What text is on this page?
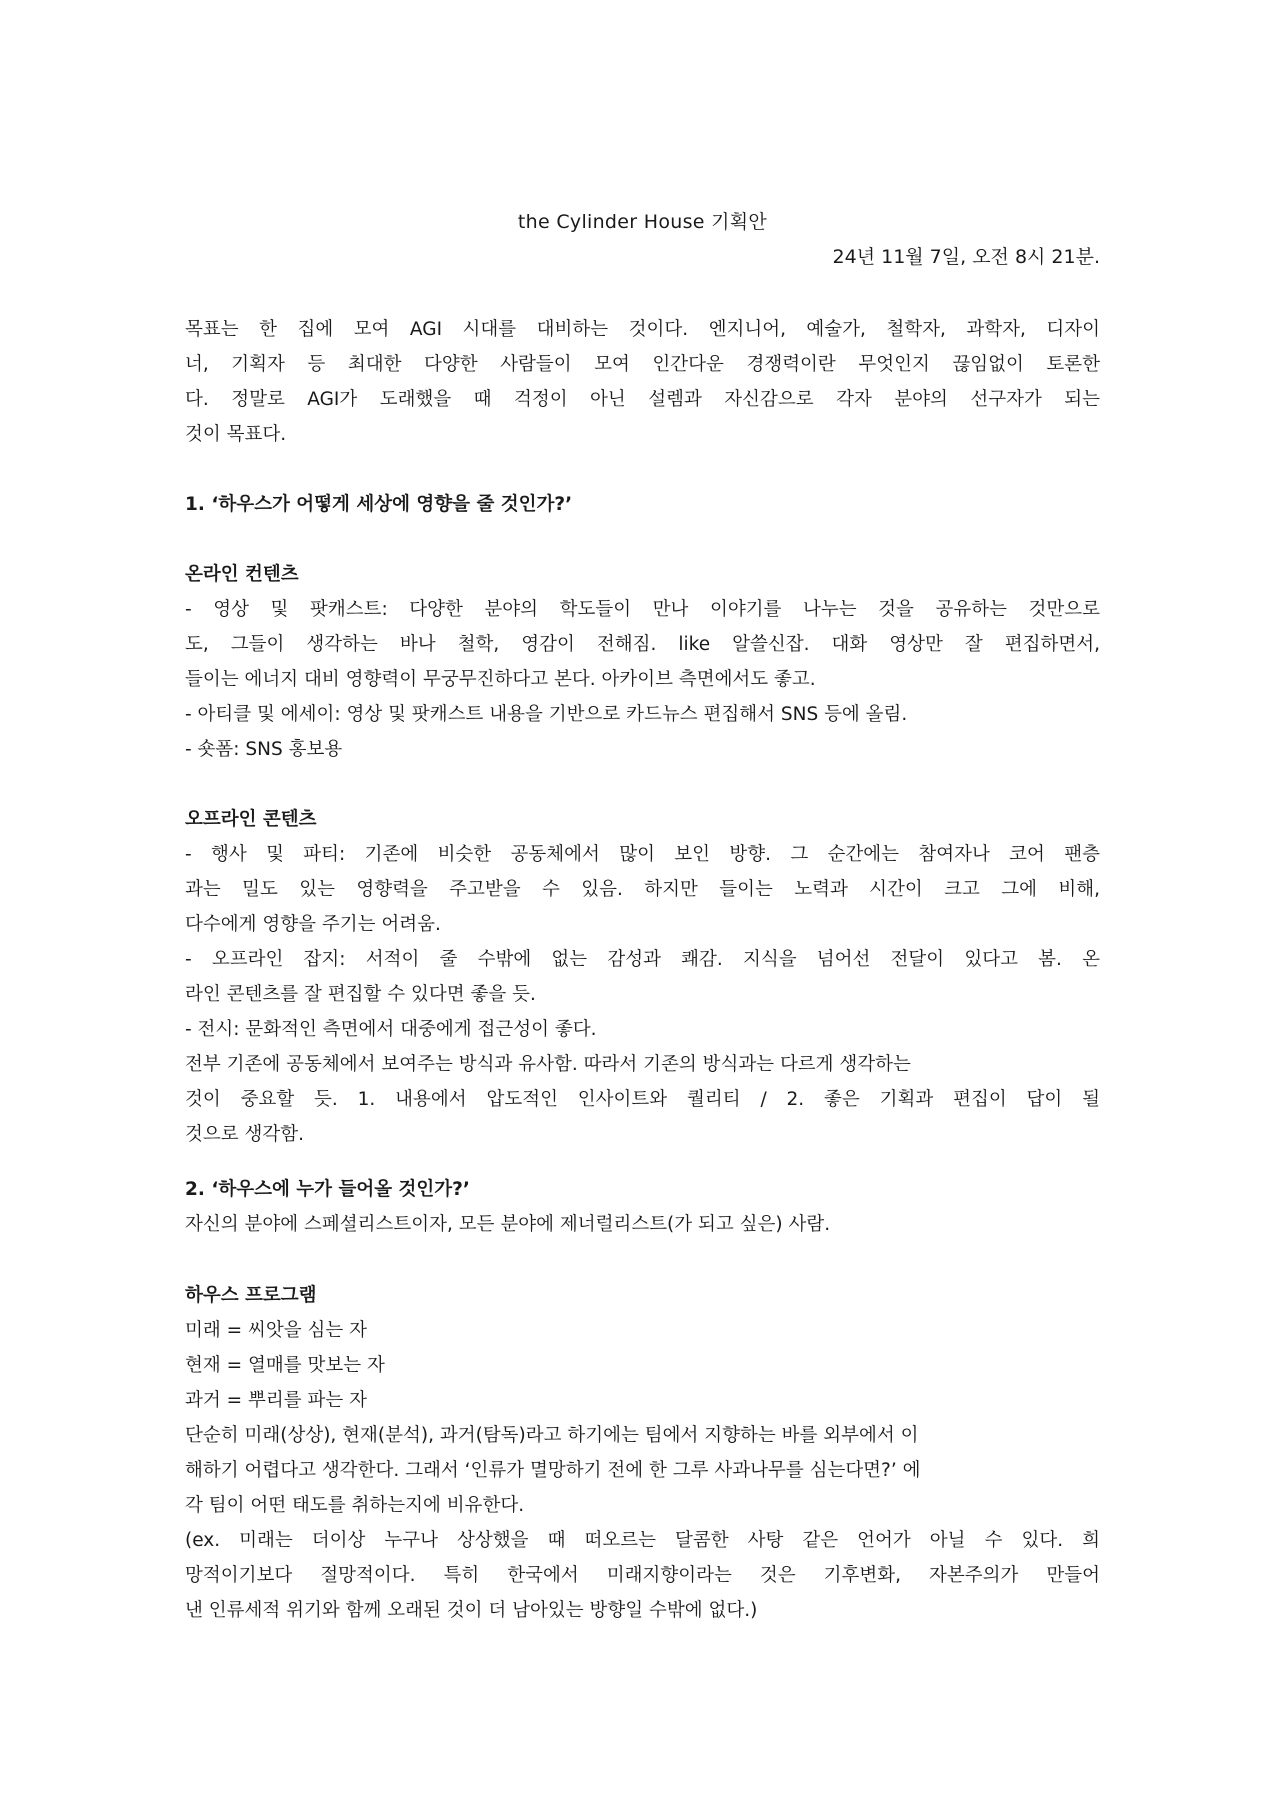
the Cylinder House 기획안
24년 11월 7일, 오전 8시 21분.
목표는 한 집에 모여 AGI 시대를 대비하는 것이다. 엔지니어, 예술가, 철학자, 과학자, 디자이
너, 기획자 등 최대한 다양한 사람들이 모여 인간다운 경쟁력이란 무엇인지 끊임없이 토론한
다. 정말로 AGI가 도래했을 때 걱정이 아닌 설렘과 자신감으로 각자 분야의 선구자가 되는
것이 목표다.
1. ‘하우스가 어떻게 세상에 영향을 줄 것인가?’
온라인 컨텐츠
- 영상 및 팟캐스트: 다양한 분야의 학도들이 만나 이야기를 나누는 것을 공유하는 것만으로
도, 그들이 생각하는 바나 철학, 영감이 전해짐. like 알쓸신잡. 대화 영상만 잘 편집하면서,
들이는 에너지 대비 영향력이 무궁무진하다고 본다. 아카이브 측면에서도 좋고.
- 아티클 및 에세이: 영상 및 팟캐스트 내용을 기반으로 카드뉴스 편집해서 SNS 등에 올림.
- 숏폼: SNS 홍보용
오프라인 콘텐츠
- 행사 및 파티: 기존에 비슷한 공동체에서 많이 보인 방향. 그 순간에는 참여자나 코어 팬층
과는 밀도 있는 영향력을 주고받을 수 있음. 하지만 들이는 노력과 시간이 크고 그에 비해,
다수에게 영향을 주기는 어려움.
- 오프라인 잡지: 서적이 줄 수밖에 없는 감성과 쾌감. 지식을 넘어선 전달이 있다고 봄. 온
라인 콘텐츠를 잘 편집할 수 있다면 좋을 듯.
- 전시: 문화적인 측면에서 대중에게 접근성이 좋다.
전부 기존에 공동체에서 보여주는 방식과 유사함. 따라서 기존의 방식과는 다르게 생각하는
것이 중요할 듯. 1. 내용에서 압도적인 인사이트와 퀄리티 / 2. 좋은 기획과 편집이 답이 될
것으로 생각함.
2. ‘하우스에 누가 들어올 것인가?’
자신의 분야에 스페셜리스트이자, 모든 분야에 제너럴리스트(가 되고 싶은) 사람.
하우스 프로그램
미래 = 씨앗을 심는 자
현재 = 열매를 맛보는 자
과거 = 뿌리를 파는 자
단순히 미래(상상), 현재(분석), 과거(탐독)라고 하기에는 팀에서 지향하는 바를 외부에서 이
해하기 어렵다고 생각한다. 그래서 ‘인류가 멸망하기 전에 한 그루 사과나무를 심는다면?’ 에
각 팀이 어떤 태도를 취하는지에 비유한다.
(ex. 미래는 더이상 누구나 상상했을 때 떠오르는 달콤한 사탕 같은 언어가 아닐 수 있다. 희
망적이기보다 절망적이다. 특히 한국에서 미래지향이라는 것은 기후변화, 자본주의가 만들어
낸 인류세적 위기와 함께 오래된 것이 더 남아있는 방향일 수밖에 없다.)
